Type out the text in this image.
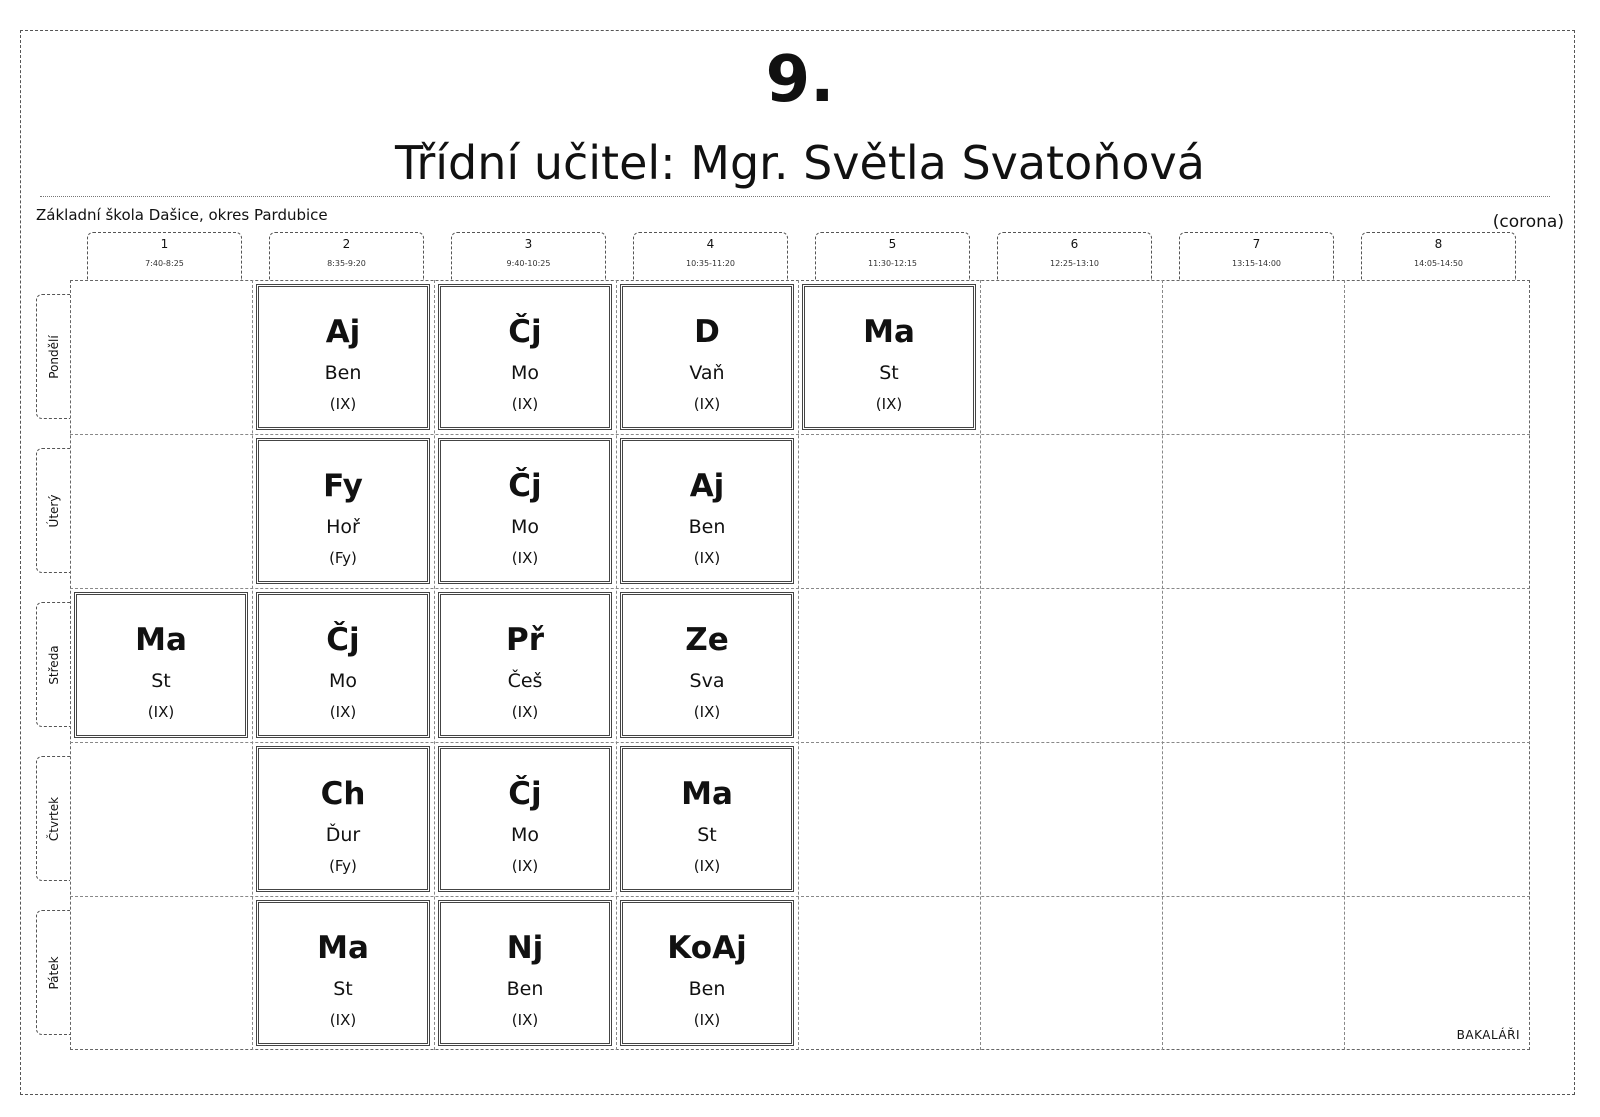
9.
Třídní učitel: Mgr. Světla Svatoňová
Základní škola Dašice, okres Pardubice	(corona)
1
7:40-8:25
2
8:35-9:20
3
9:40-10:25
4
10:35-11:20
5
11:30-12:15
6
12:25-13:10
7
13:15-14:00
8
14:05-14:50
Pondělí
Úterý
Středa
Čtvrtek
Pátek
Aj
Ben
(IX)
Čj
Mo
(IX)
D
Vaň
(IX)
Ma
St
(IX)
Fy
Hoř
(Fy)
Čj
Mo
(IX)
Aj
Ben
(IX)
Ma
St
(IX)
Čj
Mo
(IX)
Př
Češ
(IX)
Ze
Sva
(IX)
Ch
Ďur
(Fy)
Čj
Mo
(IX)
Ma
St
(IX)
Ma
St
(IX)
Nj
Ben
(IX)
KoAj
Ben
(IX)
BAKALÁŘI
